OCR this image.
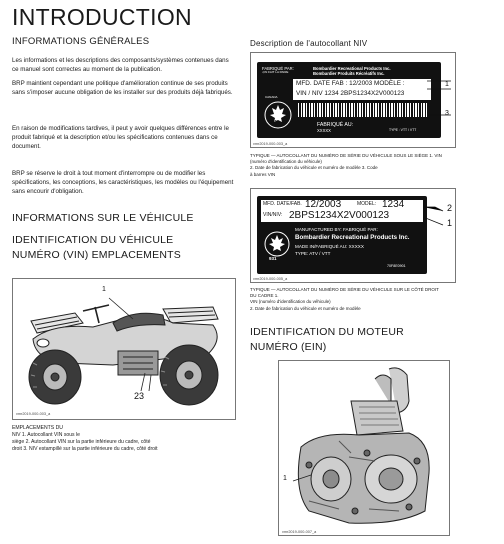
INTRODUCTION
INFORMATIONS GÉNÉRALES
Les informations et les descriptions des composants/systèmes contenues dans ce manuel sont correctes au moment de la publication.
BRP maintient cependant une politique d'amélioration continue de ses produits sans s'imposer aucune obligation de les installer sur des produits déjà fabriqués.
En raison de modifications tardives, il peut y avoir quelques différences entre le produit fabriqué et la description et/ou les spécifications contenues dans ce document.
BRP se réserve le droit à tout moment d'interrompre ou de modifier les spécifications, les conceptions, les caractéristiques, les modèles ou l'équipement sans encourir d'obligation.
INFORMATIONS SUR LE VÉHICULE
IDENTIFICATION DU VÉHICULE
NUMÉRO (VIN) EMPLACEMENTS
1
23
vmr2019-000-003_a
EMPLACEMENTS DU
NIV 1. Autocollant VIN sous le
siège 2. Autocollant VIN sur la partie inférieure du cadre, côté
droit 3. NIV estampillé sur la partie inférieure du cadre, côté droit
Description de l'autocollant NIV
FABRIQUÉ PAR:
J,IN FAIT LA PAIRE
Bombardier Recreational Products Inc.
Bombardier Produits Récréatifs Inc.
MFD. DATE FAB : 12/2003 MODÈLE :
VIN / NIV 1234 2BPS1234X2V000123
931
CANADA
FABRIQUÉ AU:
XXXXX	TYPE : VTT / VTT
1
3
vmr2019-000-003_a
TYPIQUE — AUTOCOLLANT DU NUMÉRO DE SÉRIE DU VÉHICULE SOUS LE SIÈGE 1. VIN
(numéro d'identification du véhicule)
2. Date de fabrication du véhicule et numéro de modèle 3. Code
à barres VIN
MFD. DATE/FAB. 12/2003	MODEL: 1234
VIN/NIV: 2BPS1234X2V000123
931
MANUFACTURED BY: FABRIQUÉ PAR:
Bombardier Recreational Products Inc.
MADE IN/FABRIQUÉ AU: XXXXX
TYPE: ATV / VTT
70F8E0901
2
1
vmr2019-000-005_a
TYPIQUE — AUTOCOLLANT DU NUMÉRO DE SÉRIE DU VÉHICULE SUR LE CÔTÉ DROIT
DU CADRE 1.
VIN (numéro d'identification du véhicule)
2. Date de fabrication du véhicule et numéro de modèle
IDENTIFICATION DU MOTEUR
NUMÉRO (EIN)
1
vmr2019-000-007_a
